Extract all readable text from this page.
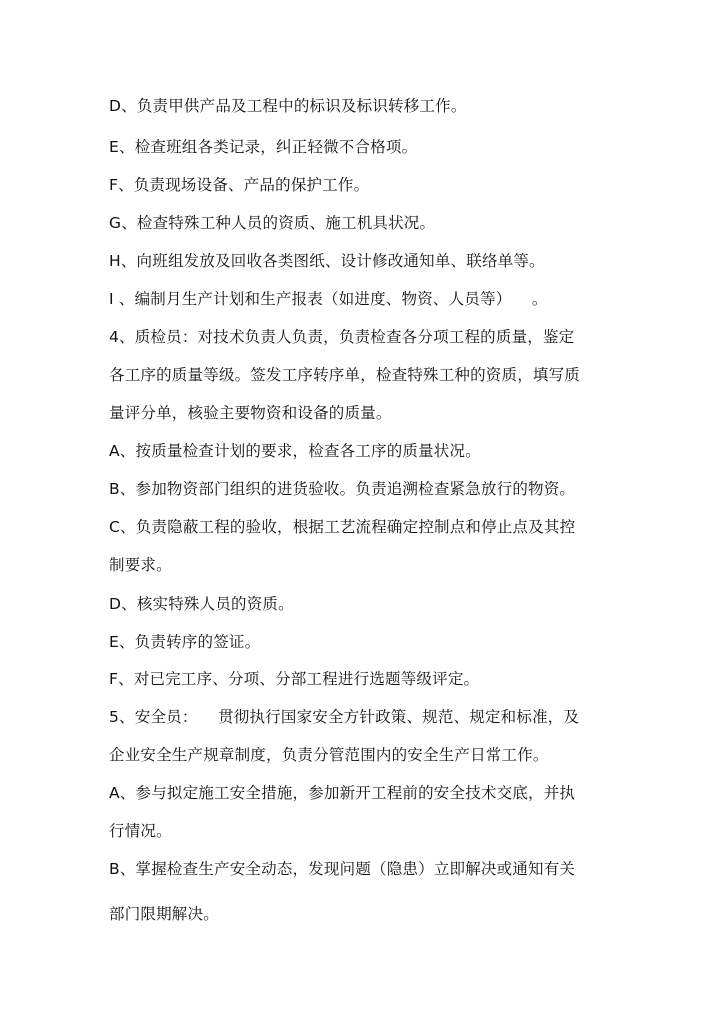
D、负责甲供产品及工程中的标识及标识转移工作。
E、检查班组各类记录，纠正轻微不合格项。
F、负责现场设备、产品的保护工作。
G、检查特殊工种人员的资质、施工机具状况。
H、向班组发放及回收各类图纸、设计修改通知单、联络单等。
I 、编制月生产计划和生产报表（如进度、物资、人员等）    。
4、质检员：对技术负责人负责，负责检查各分项工程的质量，鉴定
各工序的质量等级。签发工序转序单，检查特殊工种的资质，填写质
量评分单，核验主要物资和设备的质量。
A、按质量检查计划的要求，检查各工序的质量状况。
B、参加物资部门组织的进货验收。负责追溯检查紧急放行的物资。
C、负责隐蔽工程的验收，根据工艺流程确定控制点和停止点及其控
制要求。
D、核实特殊人员的资质。
E、负责转序的签证。
F、对已完工序、分项、分部工程进行选题等级评定。
5、安全员：    贯彻执行国家安全方针政策、规范、规定和标准，及
企业安全生产规章制度，负责分管范围内的安全生产日常工作。
A、参与拟定施工安全措施，参加新开工程前的安全技术交底，并执
行情况。
B、掌握检查生产安全动态，发现问题（隐患）立即解决或通知有关
部门限期解决。
